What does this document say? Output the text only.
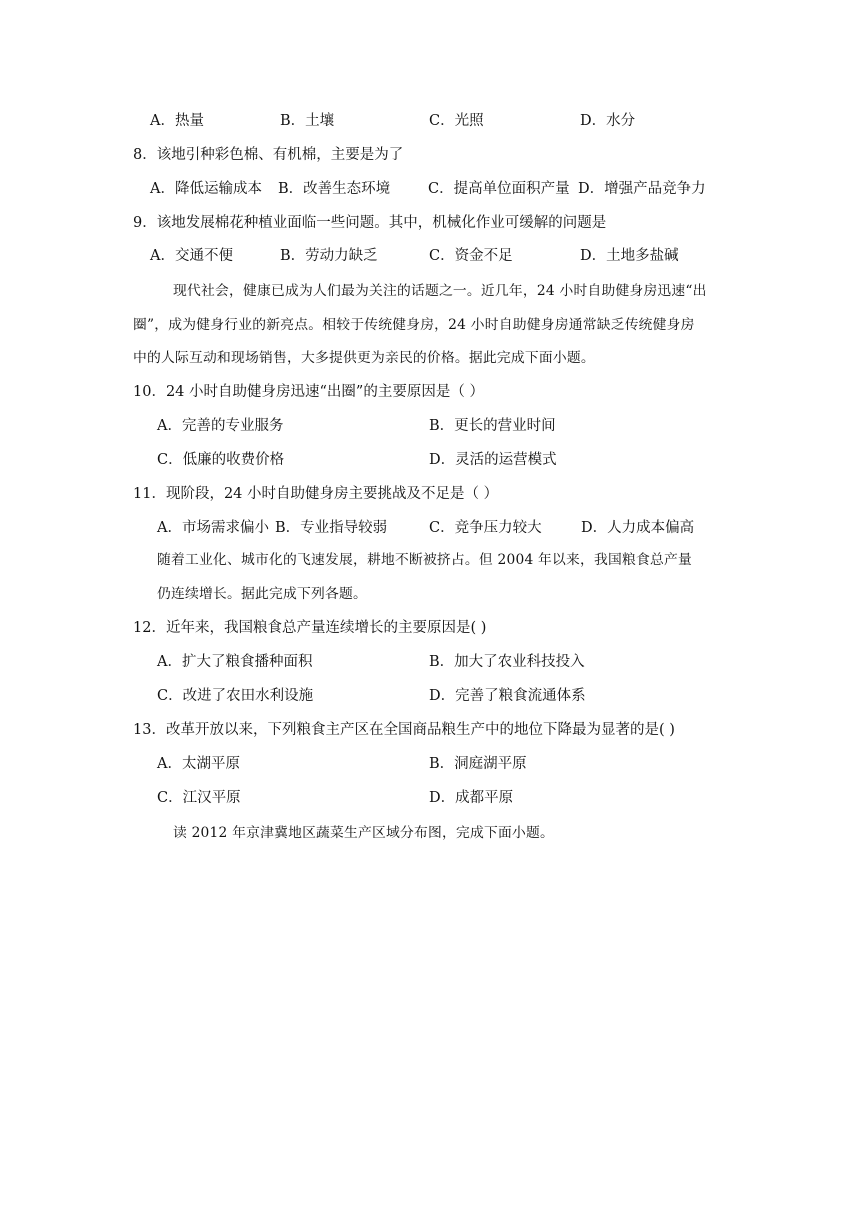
A．热量	B．土壤	C．光照	D．水分
8．该地引种彩色棉、有机棉，主要是为了
A．降低运输成本 B．改善生态环境	C．提高单位面积产量 D．增强产品竞争力
9．该地发展棉花种植业面临一些问题。其中，机械化作业可缓解的问题是
A．交通不便	B．劳动力缺乏	C．资金不足	D．土地多盐碱
现代社会，健康已成为人们最为关注的话题之一。近几年，24 小时自助健身房迅速“出
圈”，成为健身行业的新亮点。相较于传统健身房，24 小时自助健身房通常缺乏传统健身房
中的人际互动和现场销售，大多提供更为亲民的价格。据此完成下面小题。
10．24 小时自助健身房迅速“出圈”的主要原因是（ ）
A．完善的专业服务	B．更长的营业时间
C．低廉的收费价格	D．灵活的运营模式
11．现阶段，24 小时自助健身房主要挑战及不足是（ ）
A．市场需求偏小 B．专业指导较弱	C．竞争压力较大	D．人力成本偏高
随着工业化、城市化的飞速发展，耕地不断被挤占。但 2004 年以来，我国粮食总产量
仍连续增长。据此完成下列各题。
12．近年来，我国粮食总产量连续增长的主要原因是( )
A．扩大了粮食播种面积	B．加大了农业科技投入
C．改进了农田水利设施	D．完善了粮食流通体系
13．改革开放以来，下列粮食主产区在全国商品粮生产中的地位下降最为显著的是( )
A．太湖平原	B．洞庭湖平原
C．江汉平原	D．成都平原
读 2012 年京津冀地区蔬菜生产区域分布图，完成下面小题。
